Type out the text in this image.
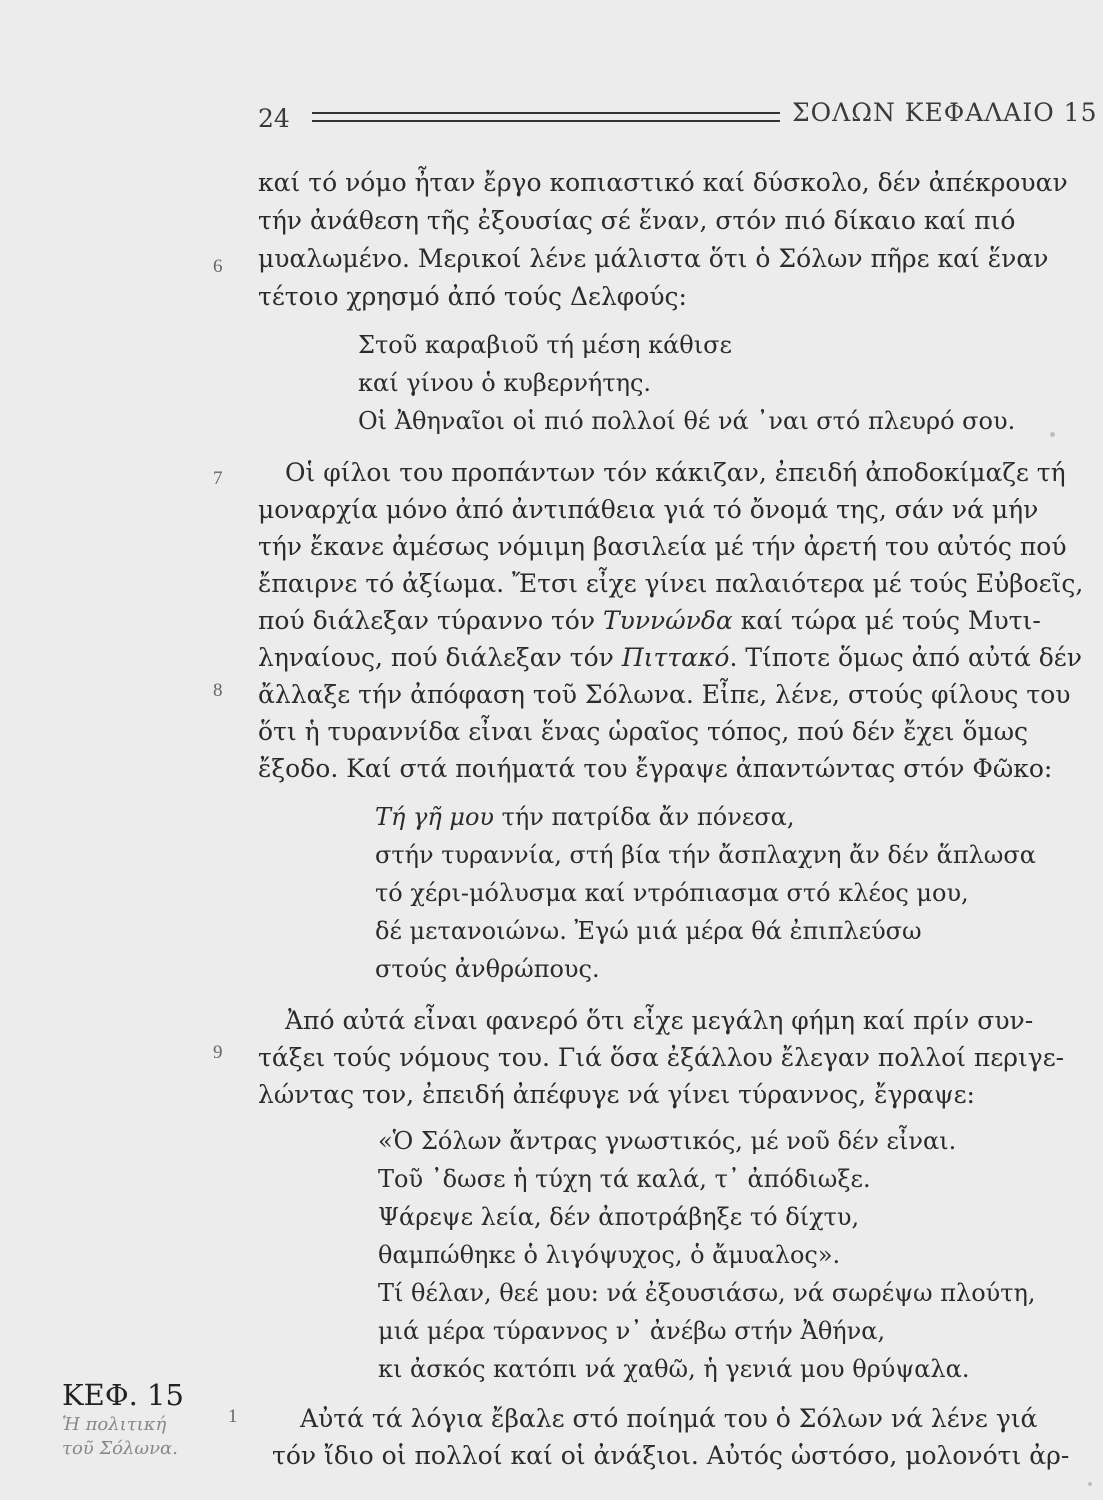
24	ΣΟΛΩΝ ΚΕΦΑΛΑΙΟ 15
καί τό νόμο ἦταν ἔργο κοπιαστικό καί δύσκολο, δέν ἀπέκρουαν
τήν ἀνάθεση τῆς ἐξουσίας σέ ἕναν, στόν πιό δίκαιο καί πιό
μυαλωμένο. Μερικοί λένε μάλιστα ὅτι ὁ Σόλων πῆρε καί ἕναν
τέτοιο χρησμό ἀπό τούς Δελφούς:
Στοῦ καραβιοῦ τή μέση κάθισε
καί γίνου ὁ κυβερνήτης.
Οἱ Ἀθηναῖοι οἱ πιό πολλοί θέ νά ᾿ναι στό πλευρό σου.
Οἱ φίλοι του προπάντων τόν κάκιζαν, ἐπειδή ἀποδοκίμαζε τή
μοναρχία μόνο ἀπό ἀντιπάθεια γιά τό ὄνομά της, σάν νά μήν
τήν ἔκανε ἀμέσως νόμιμη βασιλεία μέ τήν ἀρετή του αὐτός πού
ἔπαιρνε τό ἀξίωμα. Ἔτσι εἶχε γίνει παλαιότερα μέ τούς Εὐβοεῖς,
πού διάλεξαν τύραννο τόν Τυννώνδα καί τώρα μέ τούς Μυτι-
ληναίους, πού διάλεξαν τόν Πιττακό. Τίποτε ὅμως ἀπό αὐτά δέν
ἄλλαξε τήν ἀπόφαση τοῦ Σόλωνα. Εἶπε, λένε, στούς φίλους του
ὅτι ἡ τυραννίδα εἶναι ἕνας ὡραῖος τόπος, πού δέν ἔχει ὅμως
ἔξοδο. Καί στά ποιήματά του ἔγραψε ἀπαντώντας στόν Φῶκο:
Τή γῆ μου τήν πατρίδα ἄν πόνεσα,
στήν τυραννία, στή βία τήν ἄσπλαχνη ἄν δέν ἅπλωσα
τό χέρι-μόλυσμα καί ντρόπιασμα στό κλέος μου,
δέ μετανοιώνω. Ἐγώ μιά μέρα θά ἐπιπλεύσω
στούς ἀνθρώπους.
Ἀπό αὐτά εἶναι φανερό ὅτι εἶχε μεγάλη φήμη καί πρίν συν-
τάξει τούς νόμους του. Γιά ὅσα ἐξάλλου ἔλεγαν πολλοί περιγε-
λώντας τον, ἐπειδή ἀπέφυγε νά γίνει τύραννος, ἔγραψε:
«Ὁ Σόλων ἄντρας γνωστικός, μέ νοῦ δέν εἶναι.
Τοῦ ᾿δωσε ἡ τύχη τά καλά, τ᾿ ἀπόδιωξε.
Ψάρεψε λεία, δέν ἀποτράβηξε τό δίχτυ,
θαμπώθηκε ὁ λιγόψυχος, ὁ ἄμυαλος».
Τί θέλαν, θεέ μου: νά ἐξουσιάσω, νά σωρέψω πλούτη,
μιά μέρα τύραννος ν᾿ ἀνέβω στήν Ἀθήνα,
κι ἀσκός κατόπι νά χαθῶ, ἡ γενιά μου θρύψαλα.
Αὐτά τά λόγια ἔβαλε στό ποίημά του ὁ Σόλων νά λένε γιά
τόν ἴδιο οἱ πολλοί καί οἱ ἀνάξιοι. Αὐτός ὡστόσο, μολονότι ἀρ-
6
7
8
9
1
ΚΕΦ. 15
Ἡ πολιτική
τοῦ Σόλωνα.
